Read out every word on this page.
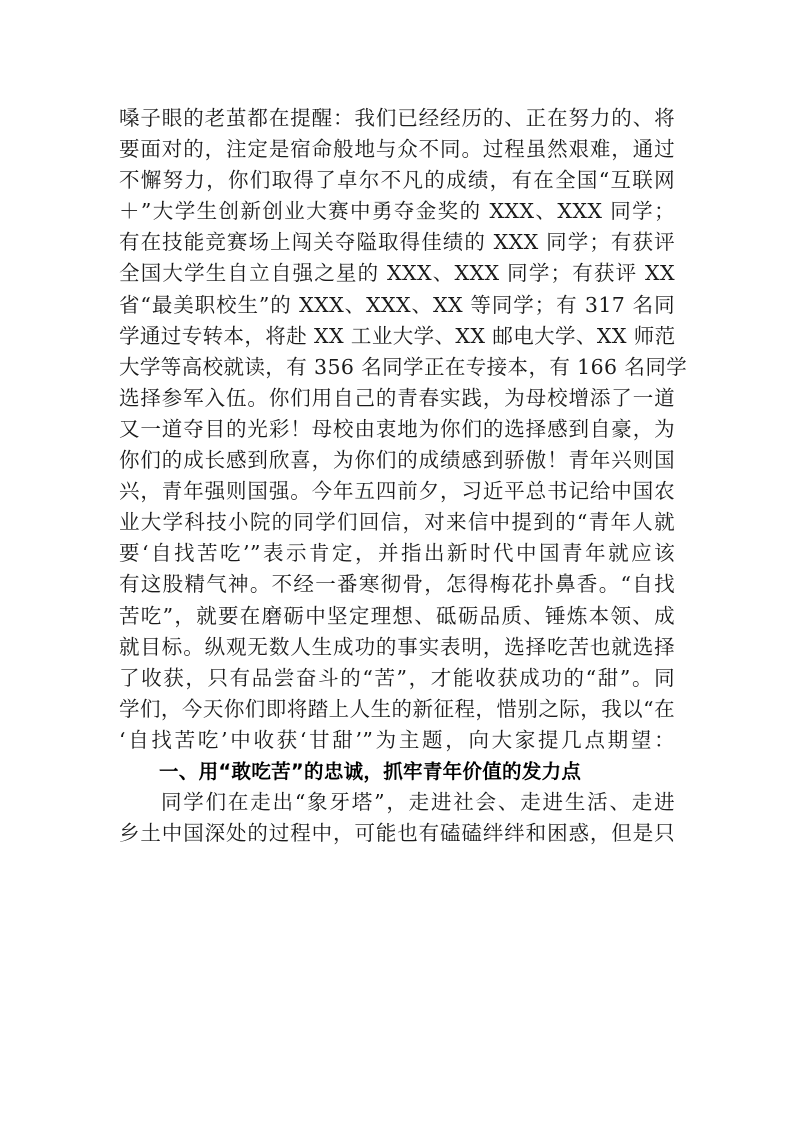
嗓子眼的老茧都在提醒：我们已经经历的、正在努力的、将
要面对的，注定是宿命般地与众不同。过程虽然艰难，通过
不懈努力，你们取得了卓尔不凡的成绩，有在全国“互联网
＋”大学生创新创业大赛中勇夺金奖的 XXX、XXX 同学；
有在技能竞赛场上闯关夺隘取得佳绩的 XXX 同学；有获评
全国大学生自立自强之星的 XXX、XXX 同学；有获评 XX
省“最美职校生”的 XXX、XXX、XX 等同学；有 317 名同
学通过专转本，将赴 XX 工业大学、XX 邮电大学、XX 师范
大学等高校就读，有 356 名同学正在专接本，有 166 名同学
选择参军入伍。你们用自己的青春实践，为母校增添了一道
又一道夺目的光彩！母校由衷地为你们的选择感到自豪，为
你们的成长感到欣喜，为你们的成绩感到骄傲！青年兴则国
兴，青年强则国强。今年五四前夕，习近平总书记给中国农
业大学科技小院的同学们回信，对来信中提到的“青年人就
要‘自找苦吃’”表示肯定，并指出新时代中国青年就应该
有这股精气神。不经一番寒彻骨，怎得梅花扑鼻香。“自找
苦吃”，就要在磨砺中坚定理想、砥砺品质、锤炼本领、成
就目标。纵观无数人生成功的事实表明，选择吃苦也就选择
了收获，只有品尝奋斗的“苦”，才能收获成功的“甜”。同
学们，今天你们即将踏上人生的新征程，惜别之际，我以“在
‘自找苦吃’中收获‘甘甜’”为主题，向大家提几点期望：
一、用“敢吃苦”的忠诚，抓牢青年价值的发力点
同学们在走出“象牙塔”，走进社会、走进生活、走进
乡土中国深处的过程中，可能也有磕磕绊绊和困惑，但是只
